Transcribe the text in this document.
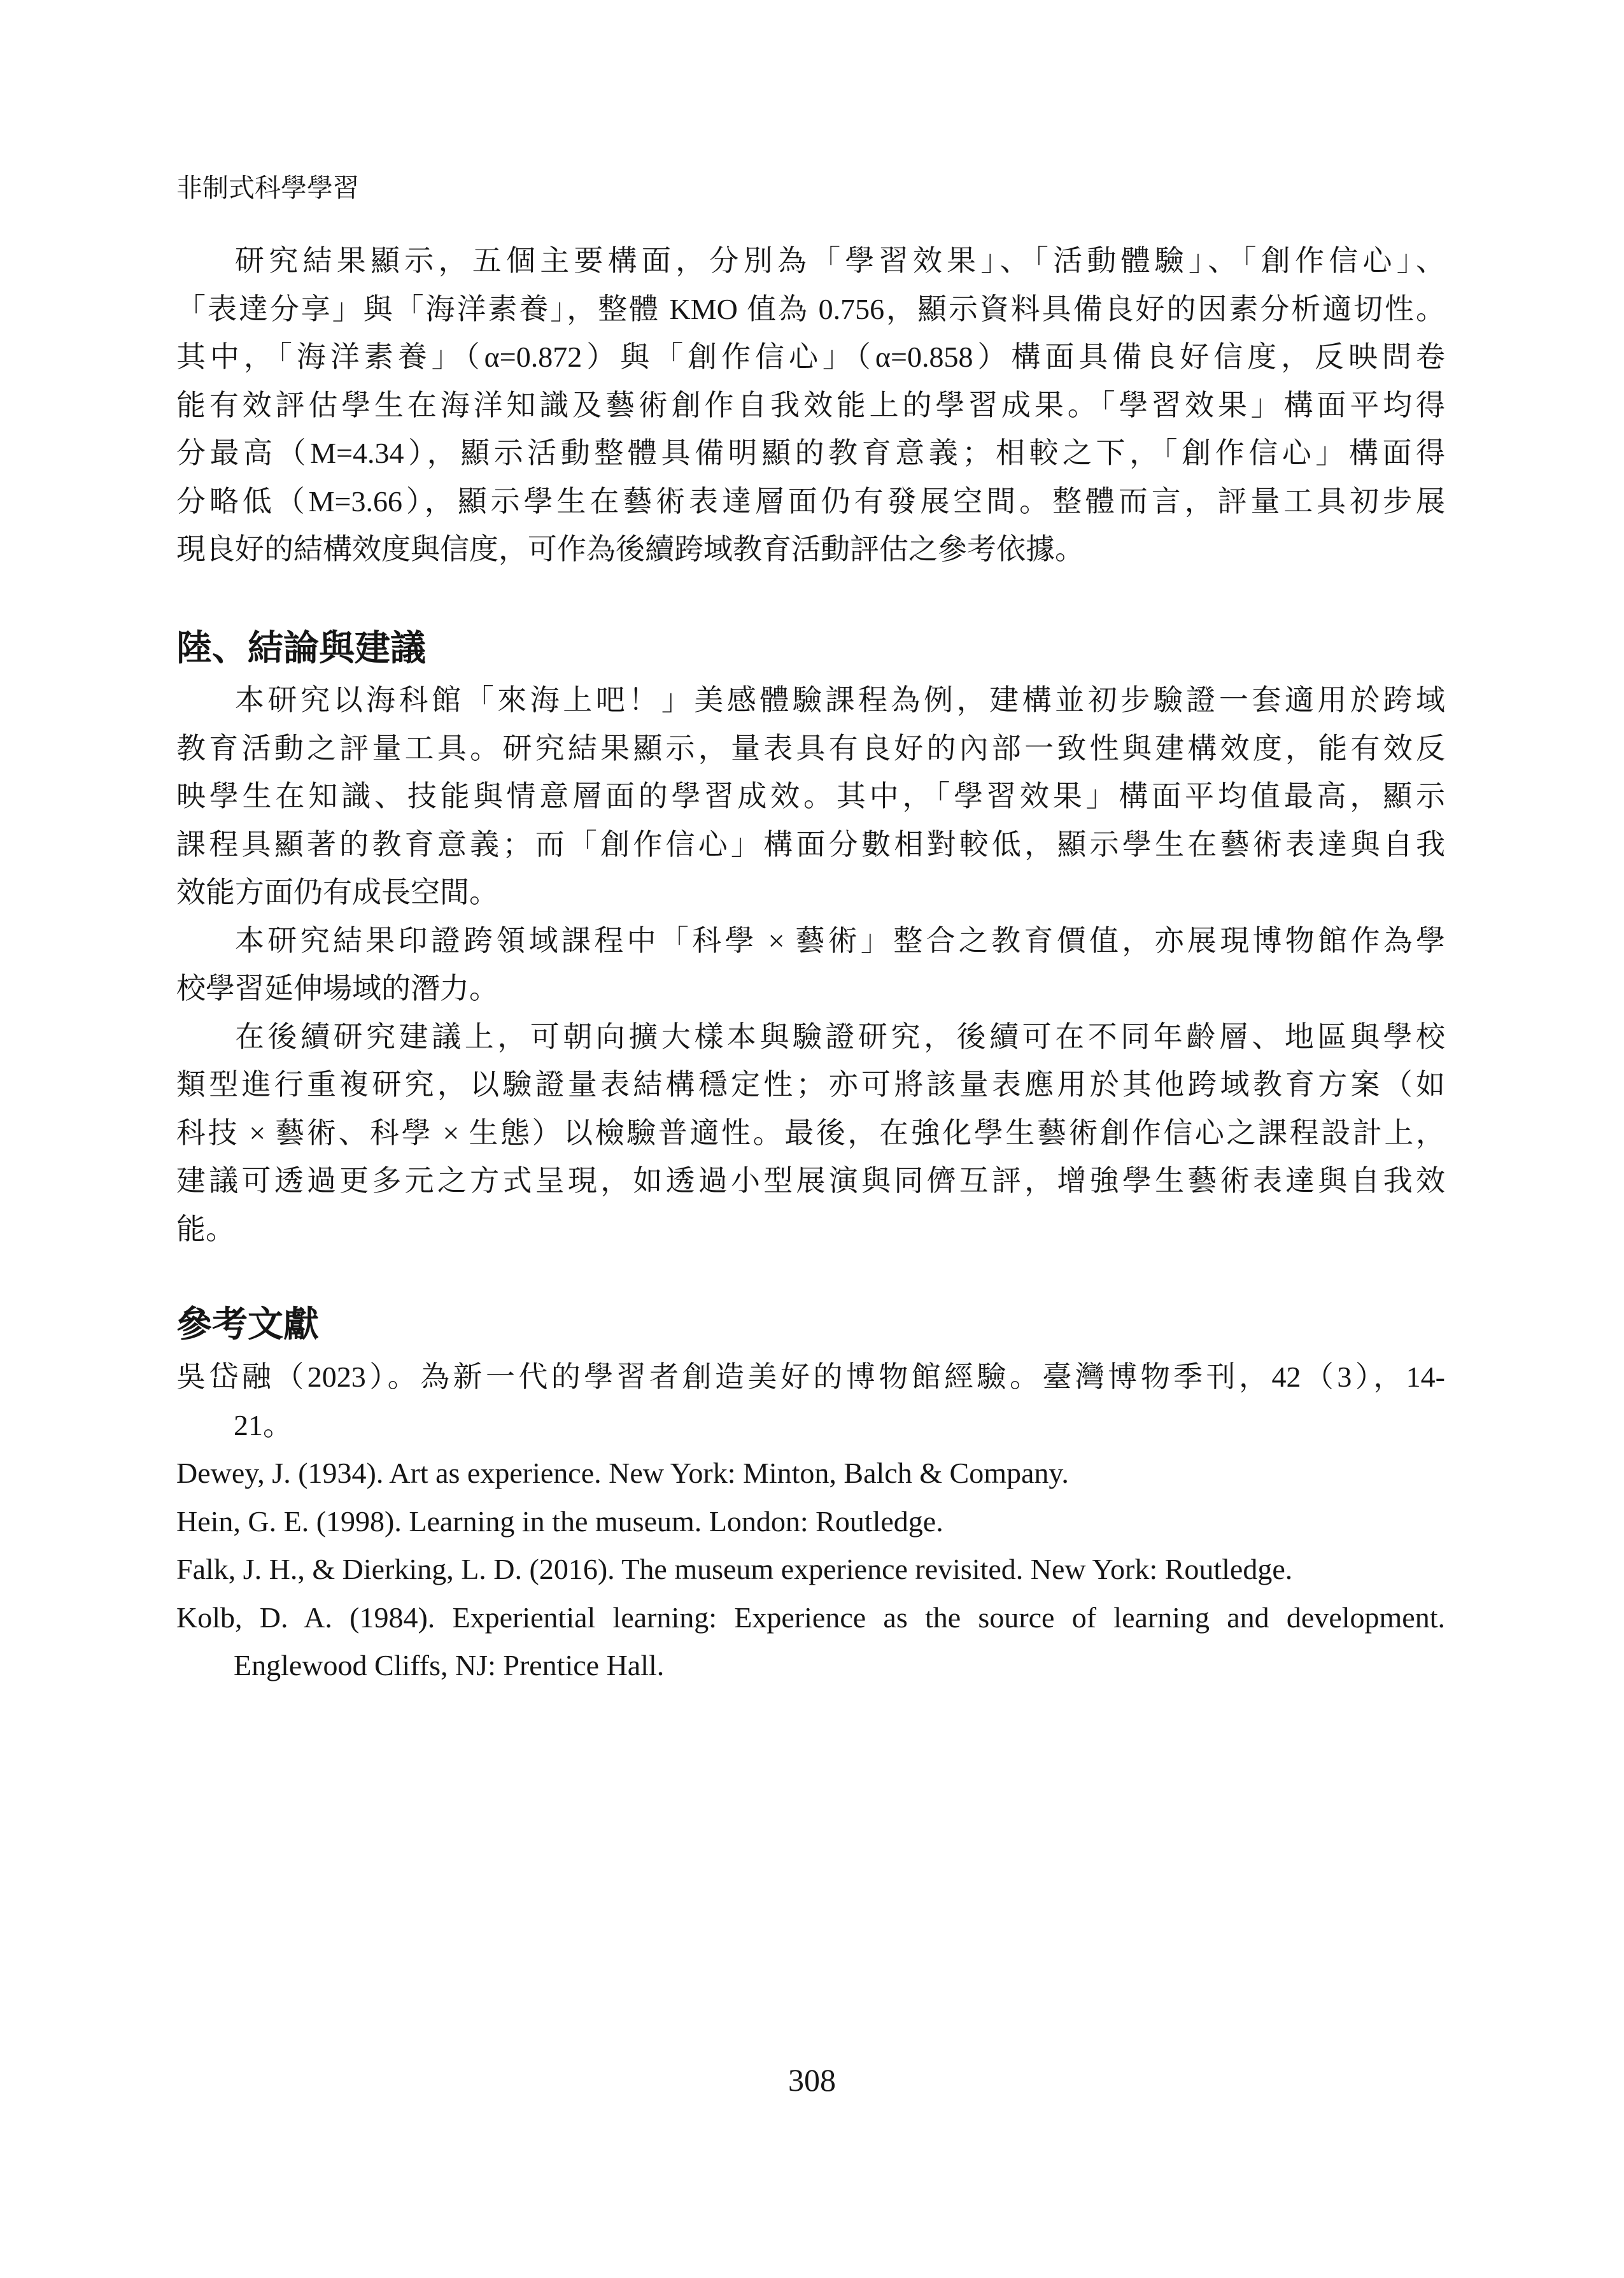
非制式科學學習
陸、結論與建議
參考文獻
研究結果顯示，五個主要構面，分別為「學習效果」、「活動體驗」、「創作信心」、
「表達分享」與「海洋素養」，整體 KMO 值為 0.756，顯示資料具備良好的因素分析適切性。
其中，「海洋素養」（α=0.872）與「創作信心」（α=0.858）構面具備良好信度，反映問卷
能有效評估學生在海洋知識及藝術創作自我效能上的學習成果。「學習效果」構面平均得
分最高（M=4.34），顯示活動整體具備明顯的教育意義；相較之下，「創作信心」構面得
分略低（M=3.66），顯示學生在藝術表達層面仍有發展空間。整體而言，評量工具初步展
現良好的結構效度與信度，可作為後續跨域教育活動評估之參考依據。
本研究以海科館「來海上吧！」美感體驗課程為例，建構並初步驗證一套適用於跨域
教育活動之評量工具。研究結果顯示，量表具有良好的內部一致性與建構效度，能有效反
映學生在知識、技能與情意層面的學習成效。其中，「學習效果」構面平均值最高，顯示
課程具顯著的教育意義；而「創作信心」構面分數相對較低，顯示學生在藝術表達與自我
效能方面仍有成長空間。
本研究結果印證跨領域課程中「科學 × 藝術」整合之教育價值，亦展現博物館作為學
校學習延伸場域的潛力。
在後續研究建議上，可朝向擴大樣本與驗證研究，後續可在不同年齡層、地區與學校
類型進行重複研究，以驗證量表結構穩定性；亦可將該量表應用於其他跨域教育方案（如
科技 × 藝術、科學 × 生態）以檢驗普適性。最後，在強化學生藝術創作信心之課程設計上，
建議可透過更多元之方式呈現，如透過小型展演與同儕互評，增強學生藝術表達與自我效
能。
吳岱融（2023）。為新一代的學習者創造美好的博物館經驗。臺灣博物季刊，42（3），14-
21。
Dewey, J. (1934). Art as experience. New York: Minton, Balch & Company.
Hein, G. E. (1998). Learning in the museum. London: Routledge.
Falk, J. H., & Dierking, L. D. (2016). The museum experience revisited. New York: Routledge.
Kolb, D. A. (1984). Experiential learning: Experience as the source of learning and development.
Englewood Cliffs, NJ: Prentice Hall.
308
